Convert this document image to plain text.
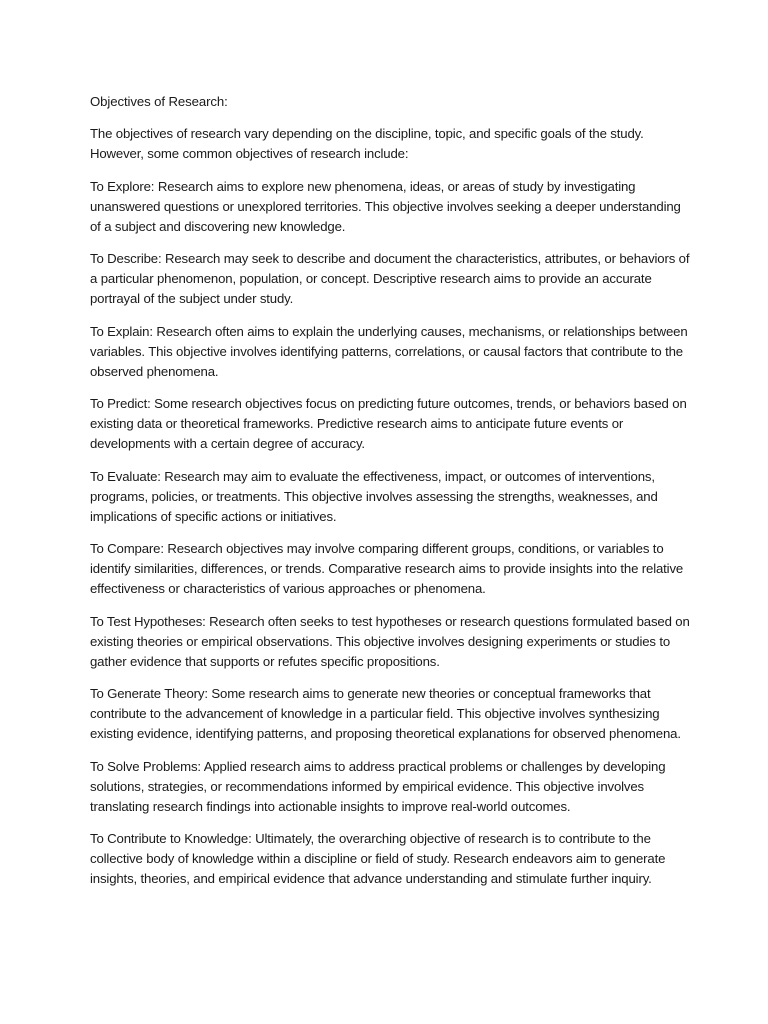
Objectives of Research:

The objectives of research vary depending on the discipline, topic, and specific goals of the study. However, some common objectives of research include:

To Explore: Research aims to explore new phenomena, ideas, or areas of study by investigating unanswered questions or unexplored territories. This objective involves seeking a deeper understanding of a subject and discovering new knowledge.

To Describe: Research may seek to describe and document the characteristics, attributes, or behaviors of a particular phenomenon, population, or concept. Descriptive research aims to provide an accurate portrayal of the subject under study.

To Explain: Research often aims to explain the underlying causes, mechanisms, or relationships between variables. This objective involves identifying patterns, correlations, or causal factors that contribute to the observed phenomena.

To Predict: Some research objectives focus on predicting future outcomes, trends, or behaviors based on existing data or theoretical frameworks. Predictive research aims to anticipate future events or developments with a certain degree of accuracy.

To Evaluate: Research may aim to evaluate the effectiveness, impact, or outcomes of interventions, programs, policies, or treatments. This objective involves assessing the strengths, weaknesses, and implications of specific actions or initiatives.

To Compare: Research objectives may involve comparing different groups, conditions, or variables to identify similarities, differences, or trends. Comparative research aims to provide insights into the relative effectiveness or characteristics of various approaches or phenomena.

To Test Hypotheses: Research often seeks to test hypotheses or research questions formulated based on existing theories or empirical observations. This objective involves designing experiments or studies to gather evidence that supports or refutes specific propositions.

To Generate Theory: Some research aims to generate new theories or conceptual frameworks that contribute to the advancement of knowledge in a particular field. This objective involves synthesizing existing evidence, identifying patterns, and proposing theoretical explanations for observed phenomena.

To Solve Problems: Applied research aims to address practical problems or challenges by developing solutions, strategies, or recommendations informed by empirical evidence. This objective involves translating research findings into actionable insights to improve real-world outcomes.

To Contribute to Knowledge: Ultimately, the overarching objective of research is to contribute to the collective body of knowledge within a discipline or field of study. Research endeavors aim to generate insights, theories, and empirical evidence that advance understanding and stimulate further inquiry.
